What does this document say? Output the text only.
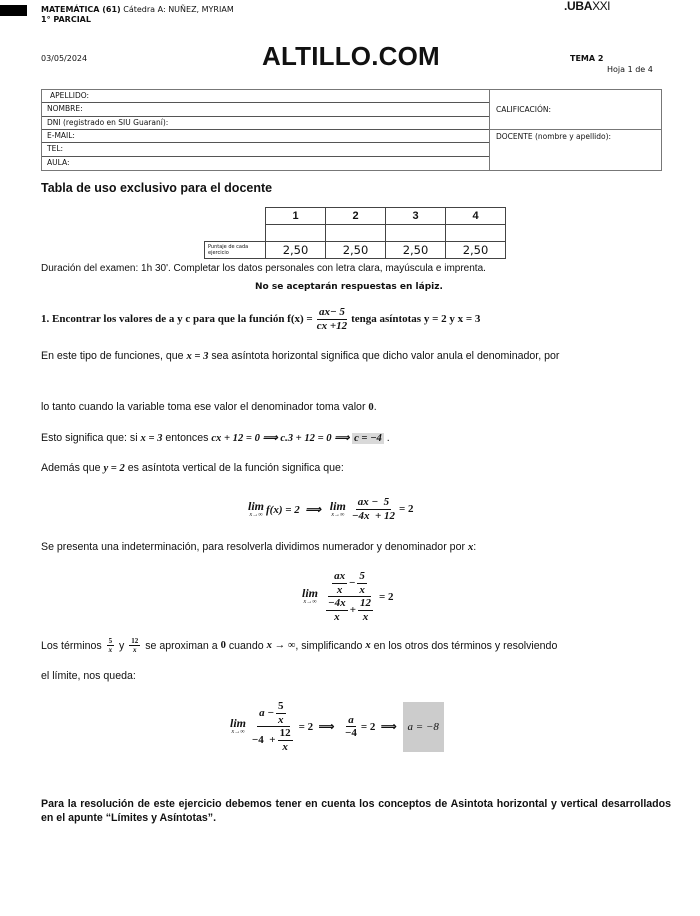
MATEMÁTICA (61) Cátedra A: NUÑEZ, MYRIAM
1° PARCIAL
.UBAXXI
03/05/2024	ALTILLO.COM	TEMA 2
Hoja 1 de 4
APELLIDO:
NOMBRE:
DNI (registrado en SIU Guaraní):
E-MAIL:
TEL:
AULA:
CALIFICACIÓN:
DOCENTE (nombre y apellido):
Tabla de uso exclusivo para el docente
	1	2	3	4

Puntaje de cada ejercicio	2,50	2,50	2,50	2,50
Duración del examen: 1h 30'. Completar los datos personales con letra clara, mayúscula e imprenta.
No se aceptarán respuestas en lápiz.
1. Encontrar los valores de a y c para que la función $f(x) = \frac{ax- 5}{cx +12}$ tenga asíntotas y = 2 y x = 3
En este tipo de funciones, que x = 3 sea asíntota horizontal significa que dicho valor anula el denominador, por
lo tanto cuando la variable toma ese valor el denominador toma valor 0.
Esto significa que: si x = 3 entonces cx + 12 = 0 ⟹ c.3 + 12 = 0 ⟹ c = −4 .
Además que y = 2 es asíntota vertical de la función significa que:
lim
x→∞ f(x) = 2  ⟹ lim
$x\to\infty \frac{ax - 5}{-4x + 12} = 2$
Se presenta una indeterminación, para resolverla dividimos numerador y denominador por x:
lim
$x\to\infty \frac{\frac{ax}{x} - \frac{5}{x}}{\frac{-4x}{x} + \frac{12}{x}} = 2$
Los términos $\frac{5}{x}$ y $\frac{12}{x}$ se aproximan a 0 cuando x → ∞ , simplificando x en los otros dos términos y resolviendo
el límite, nos queda:
lim
$x\to\infty \frac{a - \frac{5}{x}}{-4 + \frac{12}{x}} = 2$  ⟹ $\frac{a}{-4} = 2$  ⟹ a = −8
Para la resolución de este ejercicio debemos tener en cuenta los conceptos de Asintota horizontal y vertical desarrollados en el apunte “Límites y Asíntotas”.
